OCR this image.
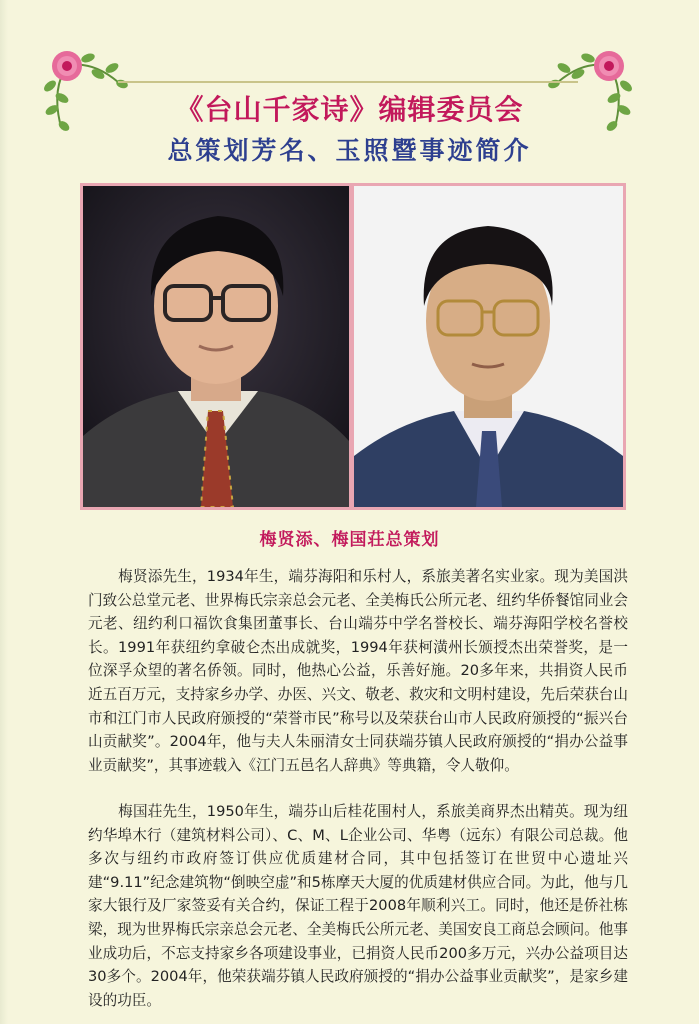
《台山千家诗》编辑委员会
总策划芳名、玉照暨事迹简介
梅贤添、梅国荘总策划

梅贤添先生，1934年生，端芬海阳和乐村人，系旅美著名实业家。现为美国洪门致公总堂元老、世界梅氏宗亲总会元老、全美梅氏公所元老、纽约华侨餐馆同业会元老、纽约利口福饮食集团董事长、台山端芬中学名誉校长、端芬海阳学校名誉校长。1991年获纽约拿破仑杰出成就奖，1994年获柯潢州长颁授杰出荣誉奖，是一位深孚众望的著名侨领。同时，他热心公益，乐善好施。20多年来，共捐资人民币近五百万元，支持家乡办学、办医、兴文、敬老、救灾和文明村建设，先后荣获台山市和江门市人民政府颁授的“荣誉市民”称号以及荣获台山市人民政府颁授的“振兴台山贡献奖”。2004年，他与夫人朱丽清女士同获端芬镇人民政府颁授的“捐办公益事业贡献奖”，其事迹载入《江门五邑名人辞典》等典籍，令人敬仰。

梅国荘先生，1950年生，端芬山后桂花围村人，系旅美商界杰出精英。现为纽约华埠木行（建筑材料公司）、C、M、L企业公司、华粤（远东）有限公司总裁。他多次与纽约市政府签订供应优质建材合同，其中包括签订在世贸中心遗址兴建“9.11”纪念建筑物“倒映空虚”和5栋摩天大厦的优质建材供应合同。为此，他与几家大银行及厂家签妥有关合约，保证工程于2008年顺利兴工。同时，他还是侨社栋梁，现为世界梅氏宗亲总会元老、全美梅氏公所元老、美国安良工商总会顾问。他事业成功后，不忘支持家乡各项建设事业，已捐资人民币200多万元，兴办公益项目达30多个。2004年，他荣获端芬镇人民政府颁授的“捐办公益事业贡献奖”，是家乡建设的功臣。
